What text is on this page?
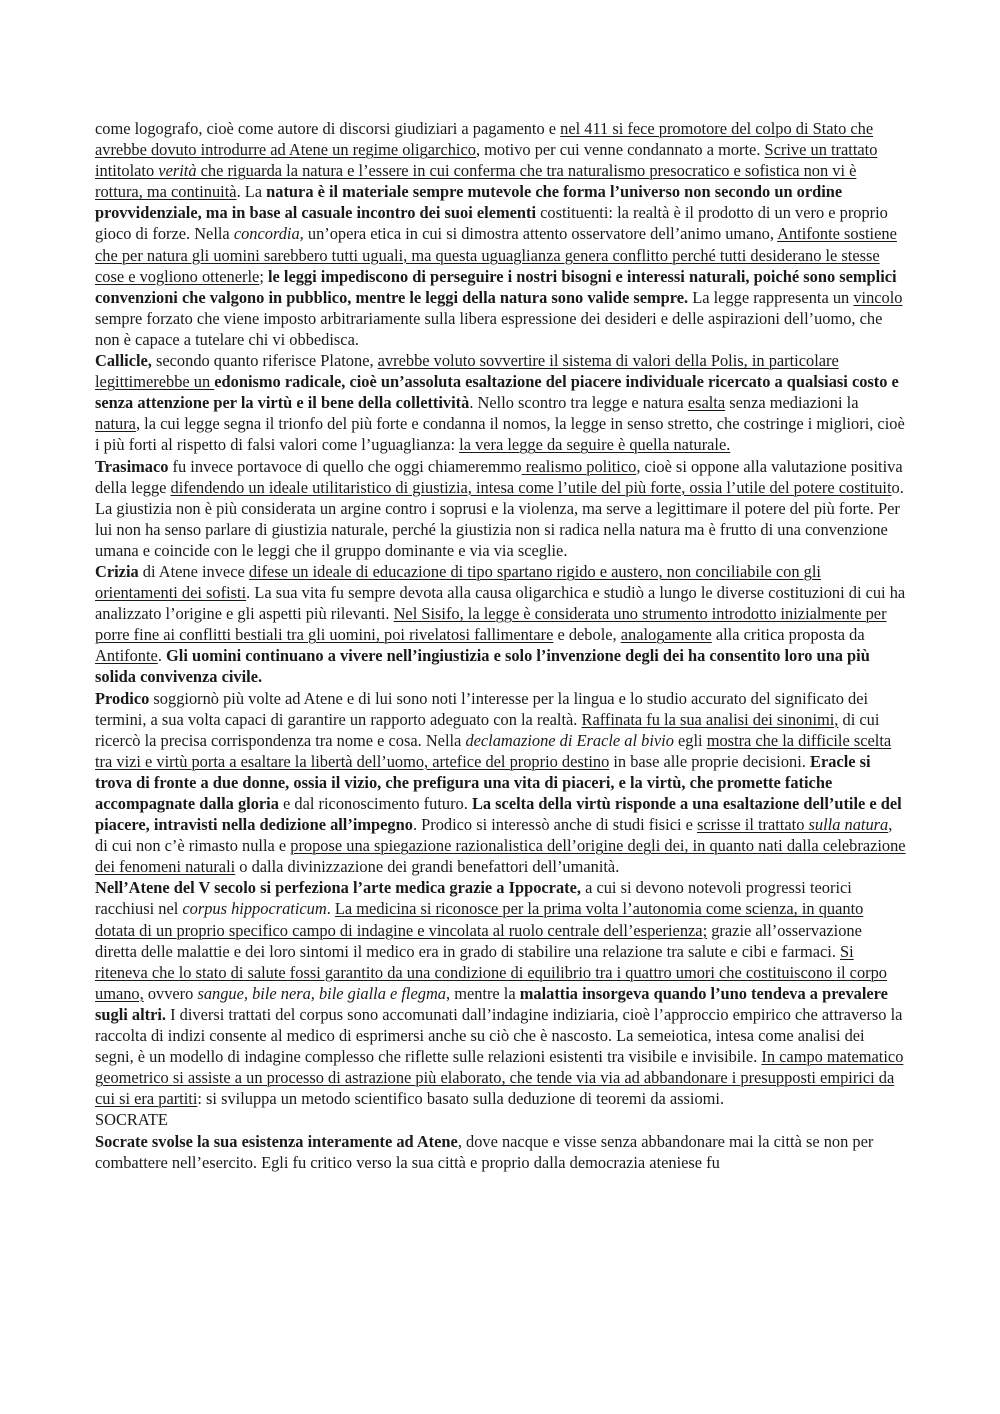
come logografo, cioè come autore di discorsi giudiziari a pagamento e nel 411 si fece promotore del colpo di Stato che avrebbe dovuto introdurre ad Atene un regime oligarchico, motivo per cui venne condannato a morte. Scrive un trattato intitolato verità che riguarda la natura e l’essere in cui conferma che tra naturalismo presocratico e sofistica non vi è rottura, ma continuità. La natura è il materiale sempre mutevole che forma l’universo non secondo un ordine provvidenziale, ma in base al casuale incontro dei suoi elementi costituenti: la realtà è il prodotto di un vero e proprio gioco di forze. Nella concordia, un’opera etica in cui si dimostra attento osservatore dell’animo umano, Antifonte sostiene che per natura gli uomini sarebbero tutti uguali, ma questa uguaglianza genera conflitto perché tutti desiderano le stesse cose e vogliono ottenerle; le leggi impediscono di perseguire i nostri bisogni e interessi naturali, poiché sono semplici convenzioni che valgono in pubblico, mentre le leggi della natura sono valide sempre. La legge rappresenta un vincolo sempre forzato che viene imposto arbitrariamente sulla libera espressione dei desideri e delle aspirazioni dell’uomo, che non è capace a tutelare chi vi obbedisca.

Callicle, secondo quanto riferisce Platone, avrebbe voluto sovvertire il sistema di valori della Polis, in particolare legittimerebbe un edonismo radicale, cioè un’assoluta esaltazione del piacere individuale ricercato a qualsiasi costo e senza attenzione per la virtù e il bene della collettività. Nello scontro tra legge e natura esalta senza mediazioni la natura, la cui legge segna il trionfo del più forte e condanna il nomos, la legge in senso stretto, che costringe i migliori, cioè i più forti al rispetto di falsi valori come l’uguaglianza: la vera legge da seguire è quella naturale.

Trasimaco fu invece portavoce di quello che oggi chiameremmo realismo politico, cioè si oppone alla valutazione positiva della legge difendendo un ideale utilitaristico di giustizia, intesa come l’utile del più forte, ossia l’utile del potere costituito. La giustizia non è più considerata un argine contro i soprusi e la violenza, ma serve a legittimare il potere del più forte. Per lui non ha senso parlare di giustizia naturale, perché la giustizia non si radica nella natura ma è frutto di una convenzione umana e coincide con le leggi che il gruppo dominante e via via sceglie.

Crizia di Atene invece difese un ideale di educazione di tipo spartano rigido e austero, non conciliabile con gli orientamenti dei sofisti. La sua vita fu sempre devota alla causa oligarchica e studiò a lungo le diverse costituzioni di cui ha analizzato l’origine e gli aspetti più rilevanti. Nel Sisifo, la legge è considerata uno strumento introdotto inizialmente per porre fine ai conflitti bestiali tra gli uomini, poi rivelatosi fallimentare e debole, analogamente alla critica proposta da Antifonte. Gli uomini continuano a vivere nell’ingiustizia e solo l’invenzione degli dei ha consentito loro una più solida convivenza civile.

Prodico soggiornò più volte ad Atene e di lui sono noti l’interesse per la lingua e lo studio accurato del significato dei termini, a sua volta capaci di garantire un rapporto adeguato con la realtà. Raffinata fu la sua analisi dei sinonimi, di cui ricercò la precisa corrispondenza tra nome e cosa. Nella declamazione di Eracle al bivio egli mostra che la difficile scelta tra vizi e virtù porta a esaltare la libertà dell’uomo, artefice del proprio destino in base alle proprie decisioni. Eracle si trova di fronte a due donne, ossia il vizio, che prefigura una vita di piaceri, e la virtù, che promette fatiche accompagnate dalla gloria e dal riconoscimento futuro. La scelta della virtù risponde a una esaltazione dell’utile e del piacere, intravisti nella dedizione all’impegno. Prodico si interessò anche di studi fisici e scrisse il trattato sulla natura, di cui non c’è rimasto nulla e propose una spiegazione razionalistica dell’origine degli dei, in quanto nati dalla celebrazione dei fenomeni naturali o dalla divinizzazione dei grandi benefattori dell’umanità.

Nell’Atene del V secolo si perfeziona l’arte medica grazie a Ippocrate, a cui si devono notevoli progressi teorici racchiusi nel corpus hippocraticum. La medicina si riconosce per la prima volta l’autonomia come scienza, in quanto dotata di un proprio specifico campo di indagine e vincolata al ruolo centrale dell’esperienza; grazie all’osservazione diretta delle malattie e dei loro sintomi il medico era in grado di stabilire una relazione tra salute e cibi e farmaci. Si riteneva che lo stato di salute fossi garantito da una condizione di equilibrio tra i quattro umori che costituiscono il corpo umano, ovvero sangue, bile nera, bile gialla e flegma, mentre la malattia insorgeva quando l’uno tendeva a prevalere sugli altri. I diversi trattati del corpus sono accomunati dall’indagine indiziaria, cioè l’approccio empirico che attraverso la raccolta di indizi consente al medico di esprimersi anche su ciò che è nascosto. La semeiotica, intesa come analisi dei segni, è un modello di indagine complesso che riflette sulle relazioni esistenti tra visibile e invisibile. In campo matematico geometrico si assiste a un processo di astrazione più elaborato, che tende via via ad abbandonare i presupposti empirici da cui si era partiti: si sviluppa un metodo scientifico basato sulla deduzione di teoremi da assiomi.

SOCRATE

Socrate svolse la sua esistenza interamente ad Atene, dove nacque e visse senza abbandonare mai la città se non per combattere nell’esercito. Egli fu critico verso la sua città e proprio dalla democrazia ateniese fu
